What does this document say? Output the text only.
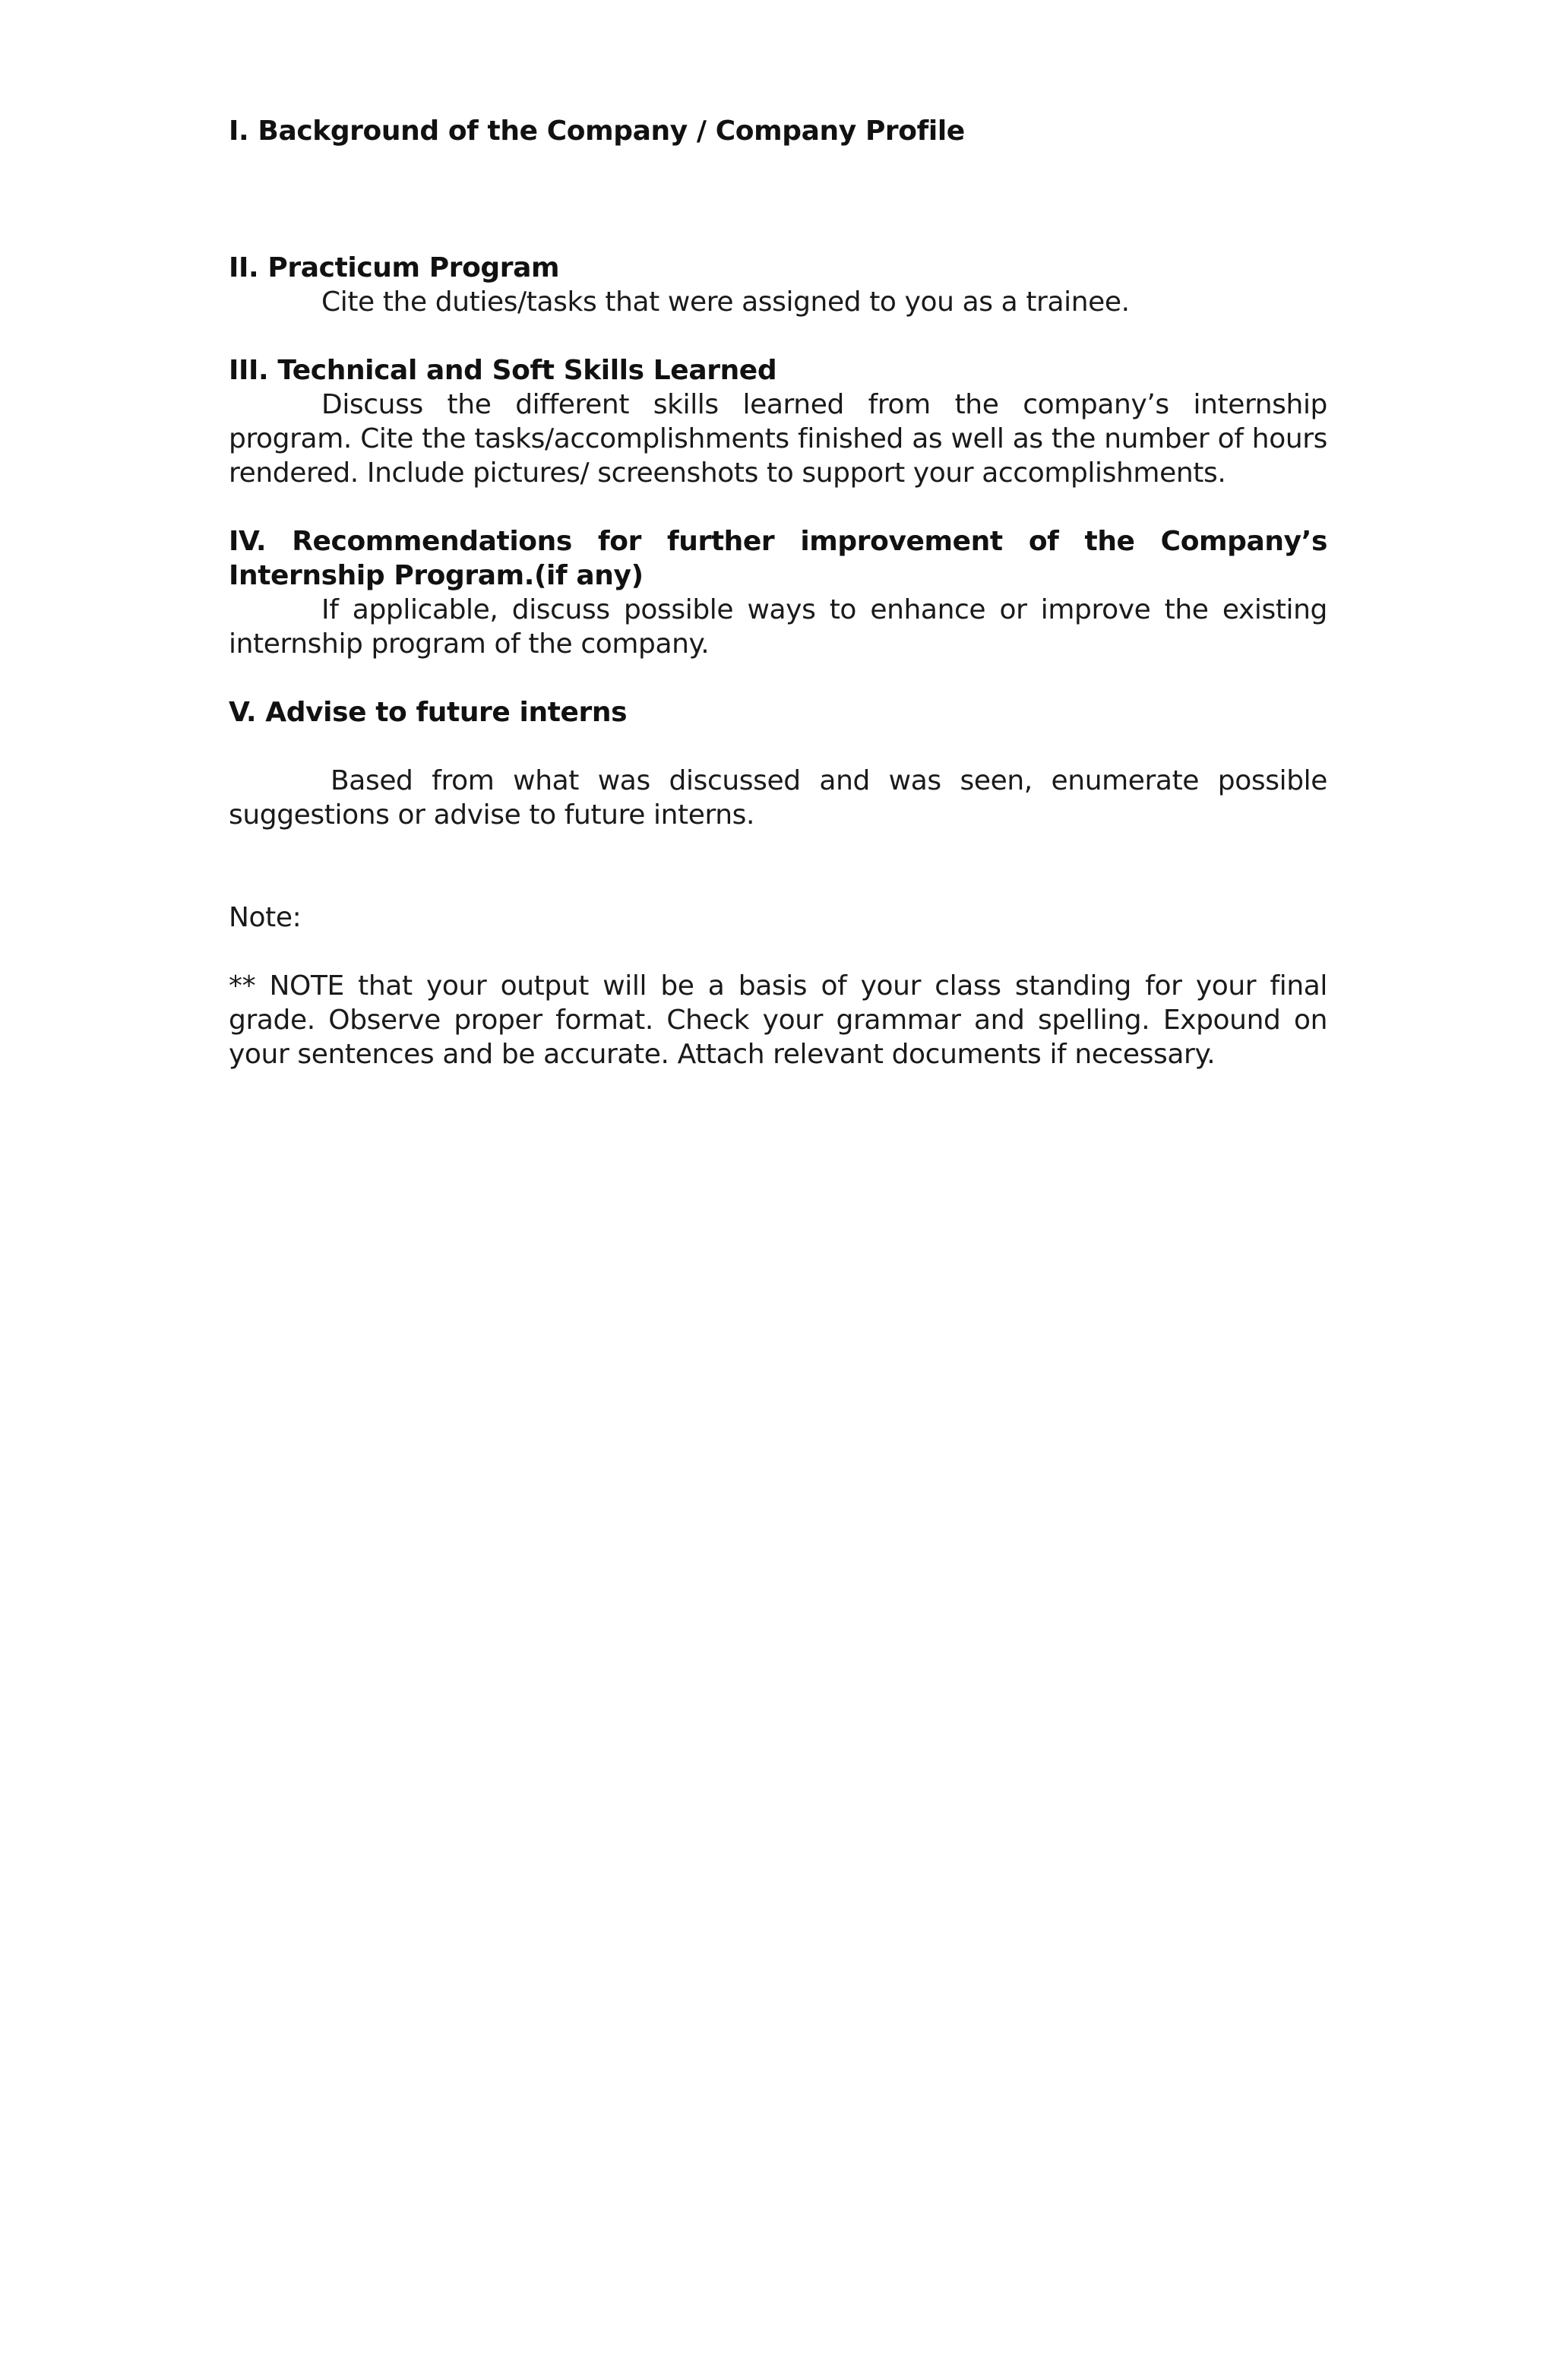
I. Background of the Company / Company Profile

II. Practicum Program

Cite the duties/tasks that were assigned to you as a trainee.

III. Technical and Soft Skills Learned

Discuss the different skills learned from the company’s internship program. Cite the tasks/accomplishments finished as well as the number of hours rendered. Include pictures/ screenshots to support your accomplishments.

IV. Recommendations for further improvement of the Company’s Internship Program.(if any)

If applicable, discuss possible ways to enhance or improve the existing internship program of the company.

V. Advise to future interns

Based from what was discussed and was seen, enumerate possible suggestions or advise to future interns.

Note:

** NOTE that your output will be a basis of your class standing for your final grade. Observe proper format. Check your grammar and spelling. Expound on your sentences and be accurate. Attach relevant documents if necessary.
